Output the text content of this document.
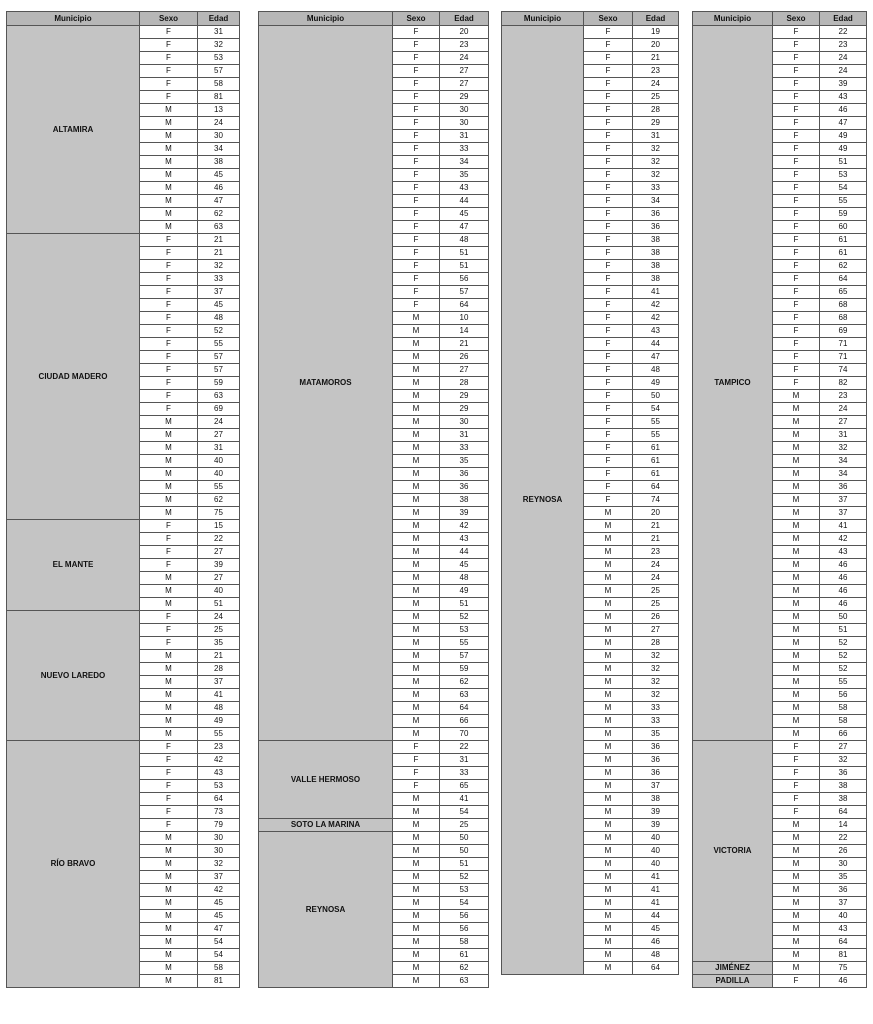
Municipio	Sexo	Edad
ALTAMIRA	F	31
	F	32
	F	53
	F	57
	F	58
	F	81
	M	13
	M	24
	M	30
	M	34
	M	38
	M	45
	M	46
	M	47
	M	62
	M	63
CIUDAD MADERO	F	21
	F	21
	F	32
	F	33
	F	37
	F	45
	F	48
	F	52
	F	55
	F	57
	F	57
	F	59
	F	63
	F	69
	M	24
	M	27
	M	31
	M	40
	M	40
	M	55
	M	62
	M	75
EL MANTE	F	15
	F	22
	F	27
	F	39
	M	27
	M	40
	M	51
NUEVO LAREDO	F	24
	F	25
	F	35
	M	21
	M	28
	M	37
	M	41
	M	48
	M	49
	M	55
RÍO BRAVO	F	23
	F	42
	F	43
	F	53
	F	64
	F	73
	F	79
	M	30
	M	30
	M	32
	M	37
	M	42
	M	45
	M	45
	M	47
	M	54
	M	54
	M	58
	M	81
Municipio	Sexo	Edad
MATAMOROS	F	20
	F	23
	F	24
	F	27
	F	27
	F	29
	F	30
	F	30
	F	31
	F	33
	F	34
	F	35
	F	43
	F	44
	F	45
	F	47
	F	48
	F	51
	F	51
	F	56
	F	57
	F	64
	M	10
	M	14
	M	21
	M	26
	M	27
	M	28
	M	29
	M	29
	M	30
	M	31
	M	33
	M	35
	M	36
	M	36
	M	38
	M	39
	M	42
	M	43
	M	44
	M	45
	M	48
	M	49
	M	51
	M	52
	M	53
	M	55
	M	57
	M	59
	M	62
	M	63
	M	64
	M	66
	M	70
VALLE HERMOSO	F	22
	F	31
	F	33
	F	65
	M	41
	M	54
SOTO LA MARINA	M	25
REYNOSA	M	50
	M	50
	M	51
	M	52
	M	53
	M	54
	M	56
	M	56
	M	58
	M	61
	M	62
	M	63
Municipio	Sexo	Edad
REYNOSA	F	19
	F	20
	F	21
	F	23
	F	24
	F	25
	F	28
	F	29
	F	31
	F	32
	F	32
	F	32
	F	33
	F	34
	F	36
	F	36
	F	38
	F	38
	F	38
	F	38
	F	41
	F	42
	F	42
	F	43
	F	44
	F	47
	F	48
	F	49
	F	50
	F	54
	F	55
	F	55
	F	61
	F	61
	F	61
	F	64
	F	74
	M	20
	M	21
	M	21
	M	23
	M	24
	M	24
	M	25
	M	25
	M	26
	M	27
	M	28
	M	32
	M	32
	M	32
	M	32
	M	33
	M	33
	M	35
	M	36
	M	36
	M	36
	M	37
	M	38
	M	39
	M	39
	M	40
	M	40
	M	40
	M	41
	M	41
	M	41
	M	44
	M	45
	M	46
	M	48
	M	64
Municipio	Sexo	Edad
TAMPICO	F	22
	F	23
	F	24
	F	24
	F	39
	F	43
	F	46
	F	47
	F	49
	F	49
	F	51
	F	53
	F	54
	F	55
	F	59
	F	60
	F	61
	F	61
	F	62
	F	64
	F	65
	F	68
	F	68
	F	69
	F	71
	F	71
	F	74
	F	82
	M	23
	M	24
	M	27
	M	31
	M	32
	M	34
	M	34
	M	36
	M	37
	M	37
	M	41
	M	42
	M	43
	M	46
	M	46
	M	46
	M	46
	M	50
	M	51
	M	52
	M	52
	M	52
	M	55
	M	56
	M	58
	M	58
	M	66
VICTORIA	F	27
	F	32
	F	36
	F	38
	F	38
	F	64
	M	14
	M	22
	M	26
	M	30
	M	35
	M	36
	M	37
	M	40
	M	43
	M	64
	M	81
JIMÉNEZ	M	75
PADILLA	F	46
